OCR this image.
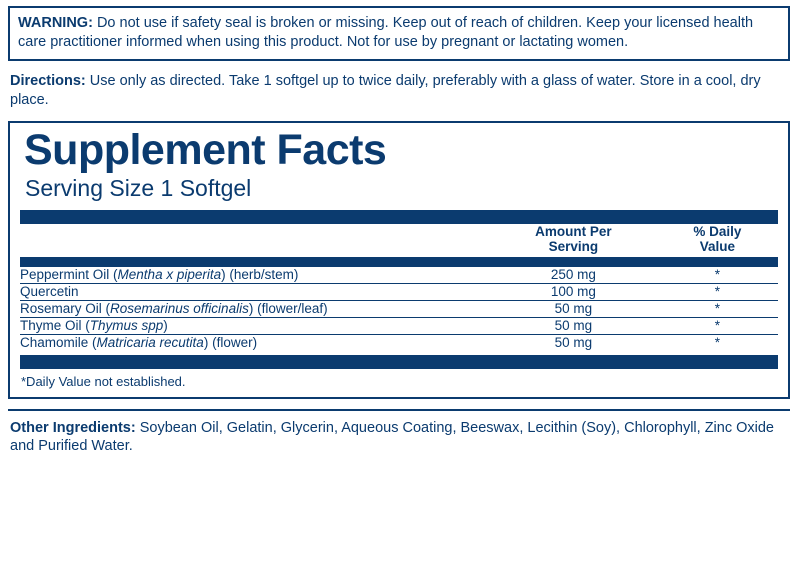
WARNING: Do not use if safety seal is broken or missing. Keep out of reach of children. Keep your licensed health care practitioner informed when using this product. Not for use by pregnant or lactating women.
Directions: Use only as directed. Take 1 softgel up to twice daily, preferably with a glass of water. Store in a cool, dry place.
Supplement Facts
Serving Size 1 Softgel

Amount Per
Serving

% Daily
Value
Peppermint Oil (Mentha x piperita) (herb/stem)	250 mg	*
Quercetin	100 mg	*
Rosemary Oil (Rosemarinus officinalis) (flower/leaf)	50 mg	*
Thyme Oil (Thymus spp)	50 mg	*
Chamomile (Matricaria recutita) (flower)	50 mg	*
*Daily Value not established.
Other Ingredients: Soybean Oil, Gelatin, Glycerin, Aqueous Coating, Beeswax, Lecithin (Soy), Chlorophyll, Zinc Oxide and Purified Water.
